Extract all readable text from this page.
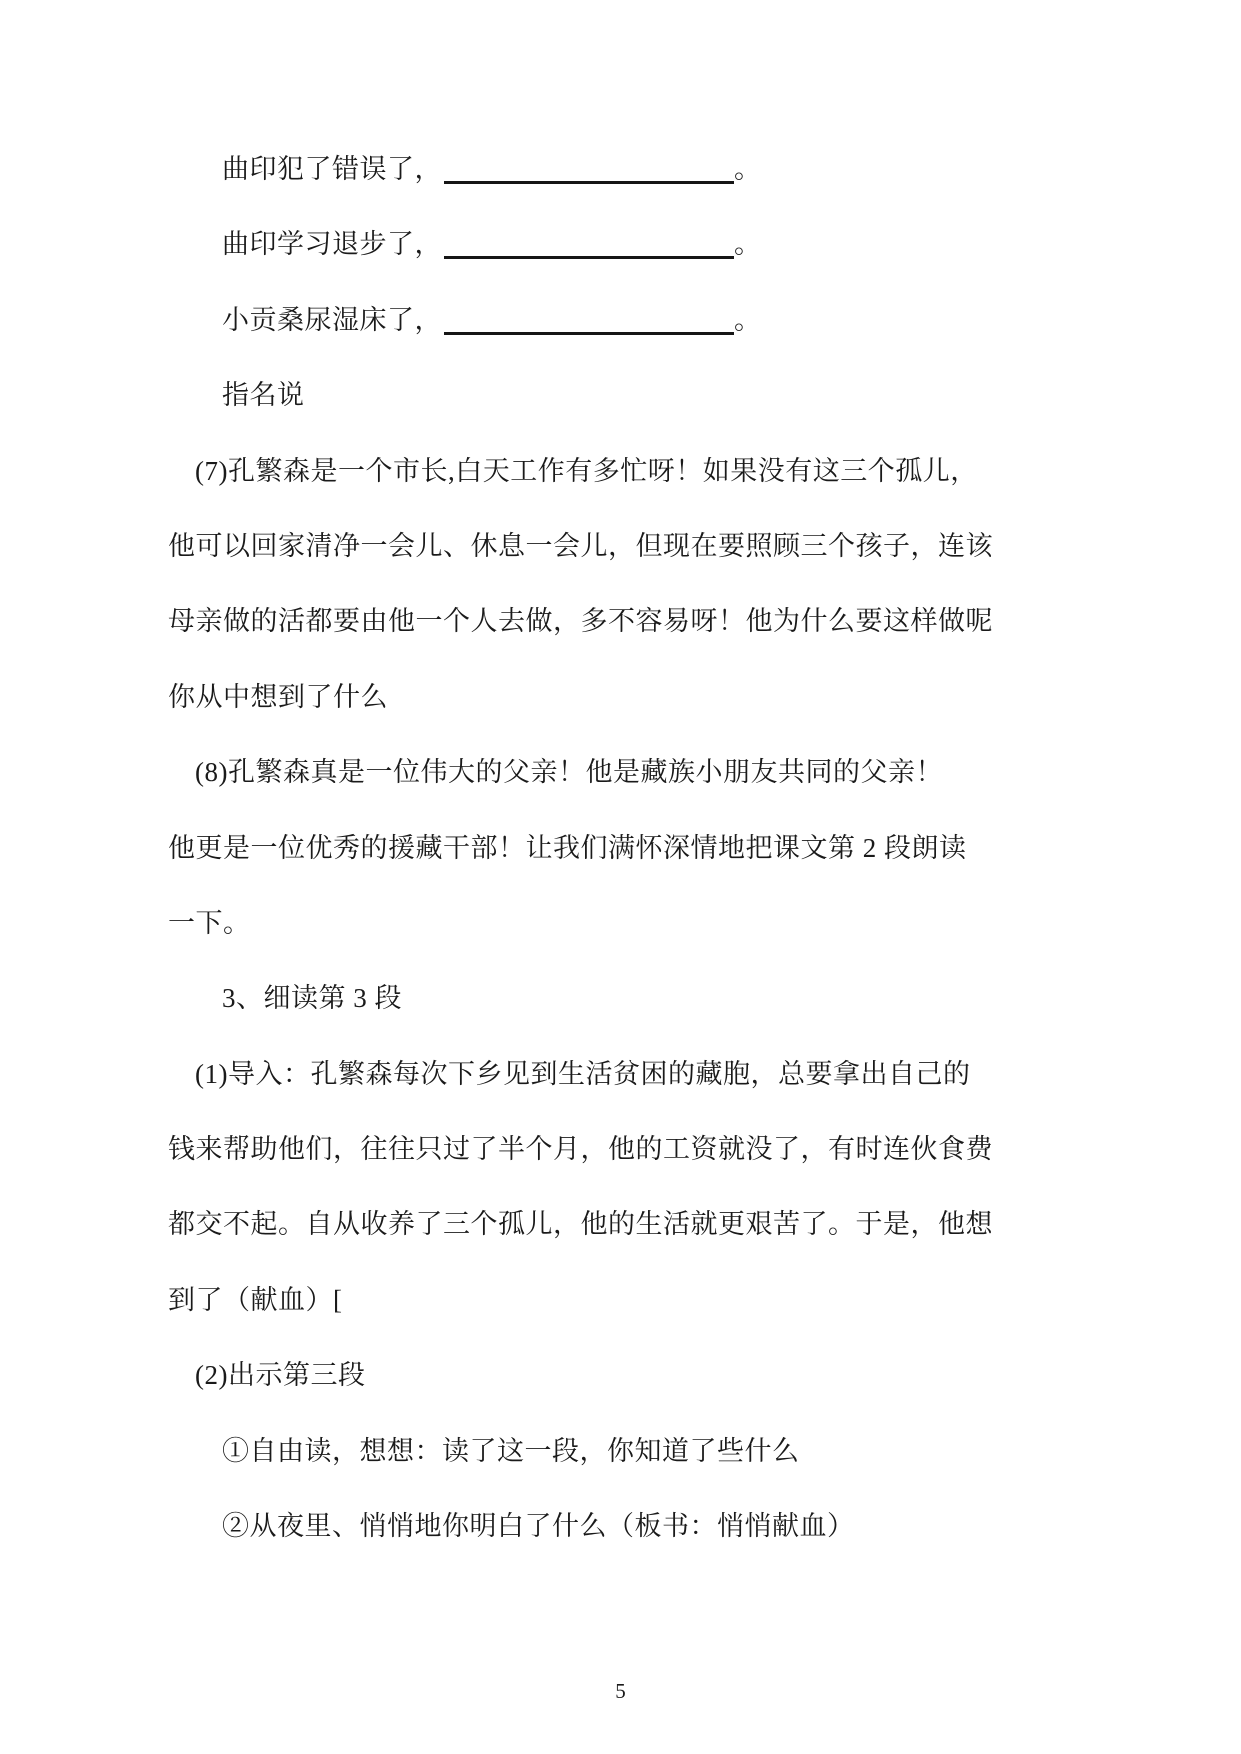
曲印犯了错误了，	。
曲印学习退步了，	。
小贡桑尿湿床了，	。
指名说
(7)孔繁森是一个市长,白天工作有多忙呀！如果没有这三个孤儿，
他可以回家清净一会儿、休息一会儿，但现在要照顾三个孩子，连该
母亲做的活都要由他一个人去做，多不容易呀！他为什么要这样做呢
你从中想到了什么
(8)孔繁森真是一位伟大的父亲！他是藏族小朋友共同的父亲！
他更是一位优秀的援藏干部！让我们满怀深情地把课文第 2 段朗读
一下。
3、细读第 3 段
(1)导入：孔繁森每次下乡见到生活贫困的藏胞，总要拿出自己的
钱来帮助他们，往往只过了半个月，他的工资就没了，有时连伙食费
都交不起。自从收养了三个孤儿，他的生活就更艰苦了。于是，他想
到了（献血）[
(2)出示第三段
①自由读，想想：读了这一段，你知道了些什么
②从夜里、悄悄地你明白了什么（板书：悄悄献血）
5
